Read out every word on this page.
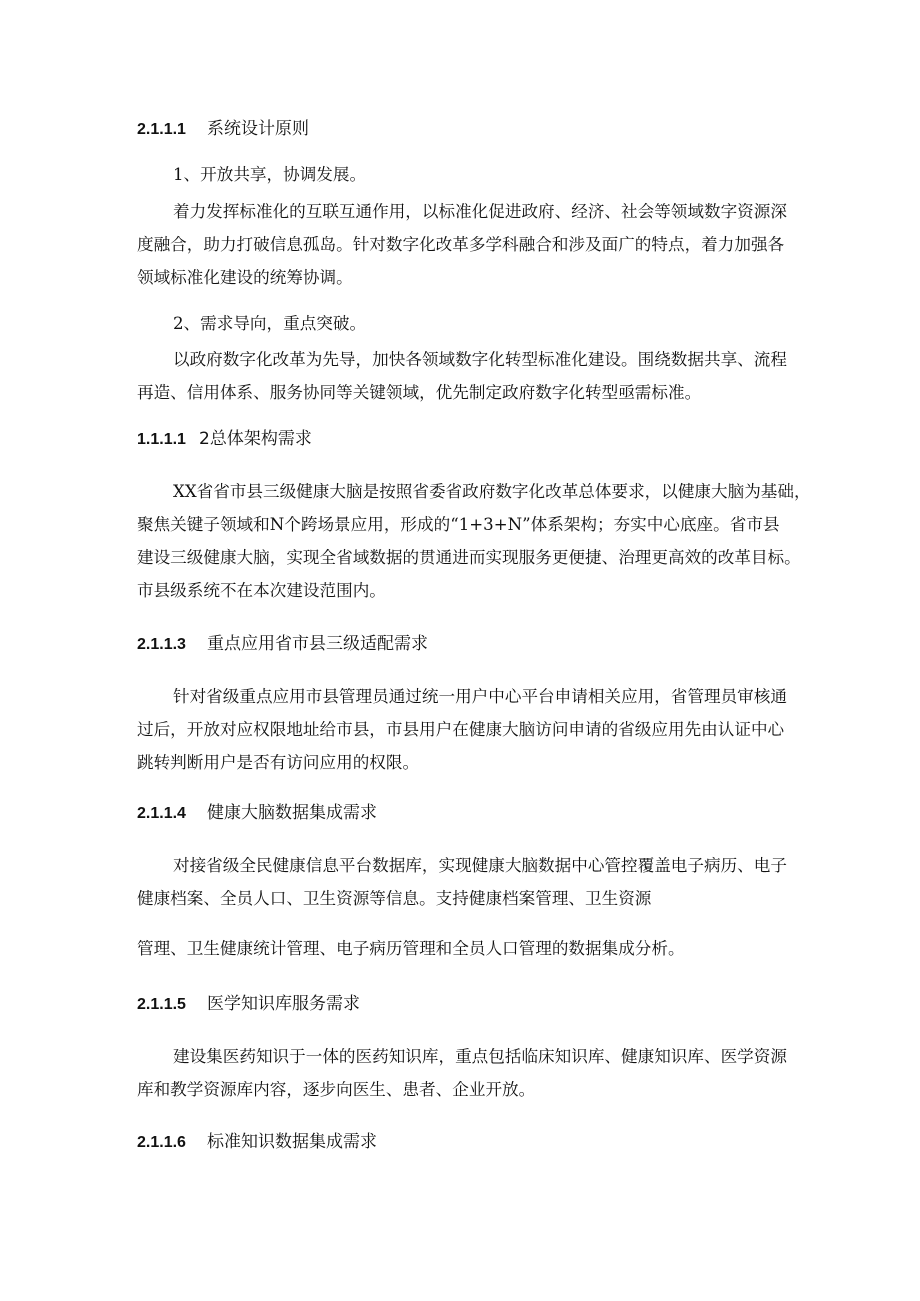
2.1.1.1 系统设计原则
1、开放共享，协调发展。
着力发挥标准化的互联互通作用，以标准化促进政府、经济、社会等领域数字资源深
度融合，助力打破信息孤岛。针对数字化改革多学科融合和涉及面广的特点，着力加强各
领域标准化建设的统筹协调。
2、需求导向，重点突破。
以政府数字化改革为先导，加快各领域数字化转型标准化建设。围绕数据共享、流程
再造、信用体系、服务协同等关键领域，优先制定政府数字化转型亟需标准。
1.1.1.1 2总体架构需求
XX省省市县三级健康大脑是按照省委省政府数字化改革总体要求，以健康大脑为基础，
聚焦关键子领域和N个跨场景应用，形成的“1+3+N”体系架构；夯实中心底座。省市县
建设三级健康大脑，实现全省域数据的贯通进而实现服务更便捷、治理更高效的改革目标。
市县级系统不在本次建设范围内。
2.1.1.3 重点应用省市县三级适配需求
针对省级重点应用市县管理员通过统一用户中心平台申请相关应用，省管理员审核通
过后，开放对应权限地址给市县，市县用户在健康大脑访问申请的省级应用先由认证中心
跳转判断用户是否有访问应用的权限。
2.1.1.4 健康大脑数据集成需求
对接省级全民健康信息平台数据库，实现健康大脑数据中心管控覆盖电子病历、电子
健康档案、全员人口、卫生资源等信息。支持健康档案管理、卫生资源
管理、卫生健康统计管理、电子病历管理和全员人口管理的数据集成分析。
2.1.1.5 医学知识库服务需求
建设集医药知识于一体的医药知识库，重点包括临床知识库、健康知识库、医学资源
库和教学资源库内容，逐步向医生、患者、企业开放。
2.1.1.6 标准知识数据集成需求
